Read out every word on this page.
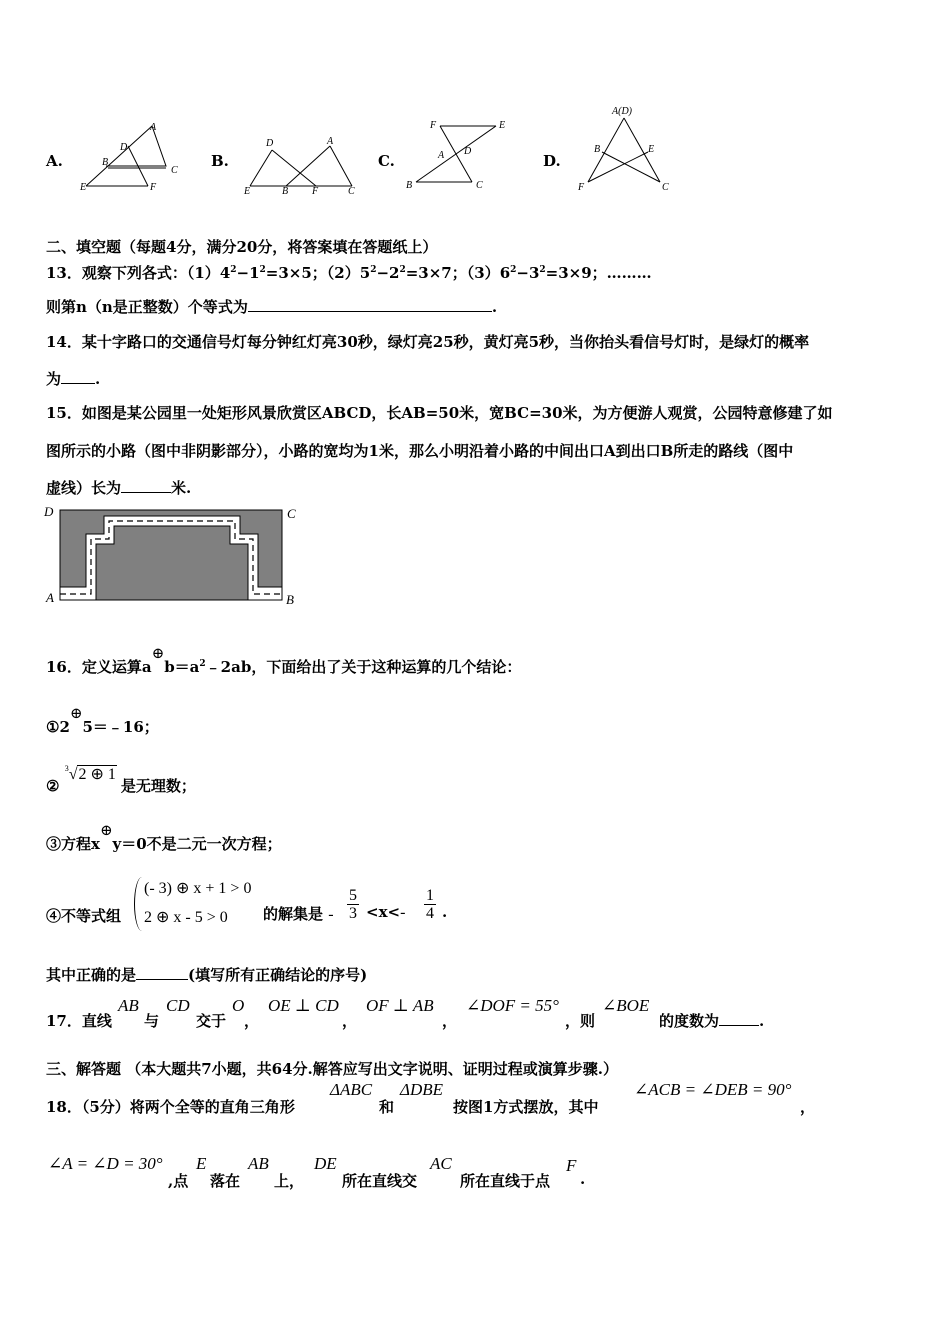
A.
A
D
B
C
E	F
B.
D	A
E	B F	C
C.
F	E
A D
B	C
D.
A(D)
B	E
F	C
二、填空题（每题4分，满分20分，将答案填在答题纸上）
13．观察下列各式：$(1)4^2-1^2=3\times 5$；$(2)5^2-2^2=3\times 7$；$(3)6^2-3^2=3\times 9$；………
则第n（n是正整数）个等式为	.
14．某十字路口的交通信号灯每分钟红灯亮30秒，绿灯亮25秒，黄灯亮5秒，当你抬头看信号灯时，是绿灯的概率
为 .
15．如图是某公园里一处矩形风景欣赏区ABCD，长AB=50米，宽BC=30米，为方便游人观赏，公园特意修建了如
图所示的小路（图中非阴影部分），小路的宽均为1米，那么小明沿着小路的中间出口A到出口B所走的路线（图中
虚线）长为	米.
D	C
A	B
16．定义运算$a\oplus b=a^2﹣2ab$，下面给出了关于这种运算的几个结论：
①2⊕5＝﹣16；
② $^3$√2 ⊕ 1 是无理数；
③方程x⊕y＝0不是二元一次方程；
④不等式组
(- 3) ⊕ x + 1 > 0
2 ⊕ x - 5 > 0 的解集是 - $\frac{5}{3} <x<- \frac{1}{4}$ .
其中正确的是	(填写所有正确结论的序号)
17．直线
AB
与
CD
交于
O
，
OE ⊥ CD
，
OF ⊥ AB
，
∠DOF = 55°
，则
∠BOE
的度数为	.
三、解答题 （本大题共7小题，共64分.解答应写出文字说明、证明过程或演算步骤.）
18．（5分）将两个全等的直角三角形
ΔABC
和
ΔDBE
按图1方式摆放，其中
∠ACB = ∠DEB = 90°
，
∠A = ∠D = 30°
,点
E
落在
AB
上，
DE
所在直线交
AC
所在直线于点
F
.
